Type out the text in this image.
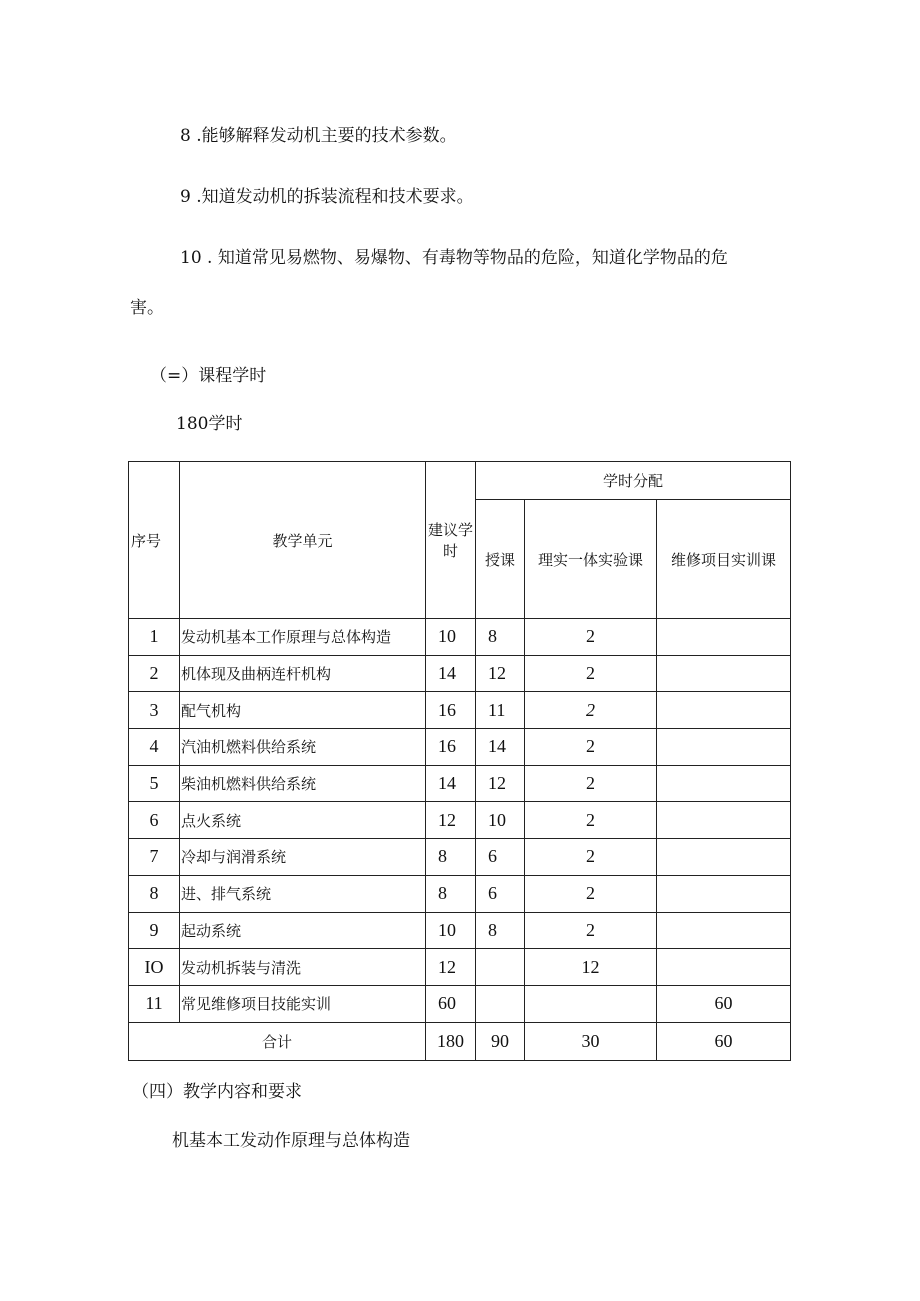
8 .能够解释发动机主要的技术参数。
9 .知道发动机的拆装流程和技术要求。
10 . 知道常见易燃物、易爆物、有毒物等物品的危险，知道化学物品的危
害。
（=）课程学时
180学时
序号	教学单元	建议学时	学时分配		
			授课	理实一体实验课	维修项目实训课
1	发动机基本工作原理与总体构造	10	8	2	
2	机体现及曲柄连杆机构	14	12	2	
3	配气机构	16	11	2	
4	汽油机燃料供给系统	16	14	2	
5	柴油机燃料供给系统	14	12	2	
6	点火系统	12	10	2	
7	冷却与润滑系统	8	6	2	
8	进、排气系统	8	6	2	
9	起动系统	10	8	2	
IO	发动机拆装与清洗	12		12	
11	常见维修项目技能实训	60			60
合计		180	90	30	60
（四）教学内容和要求
机基本工发动作原理与总体构造
